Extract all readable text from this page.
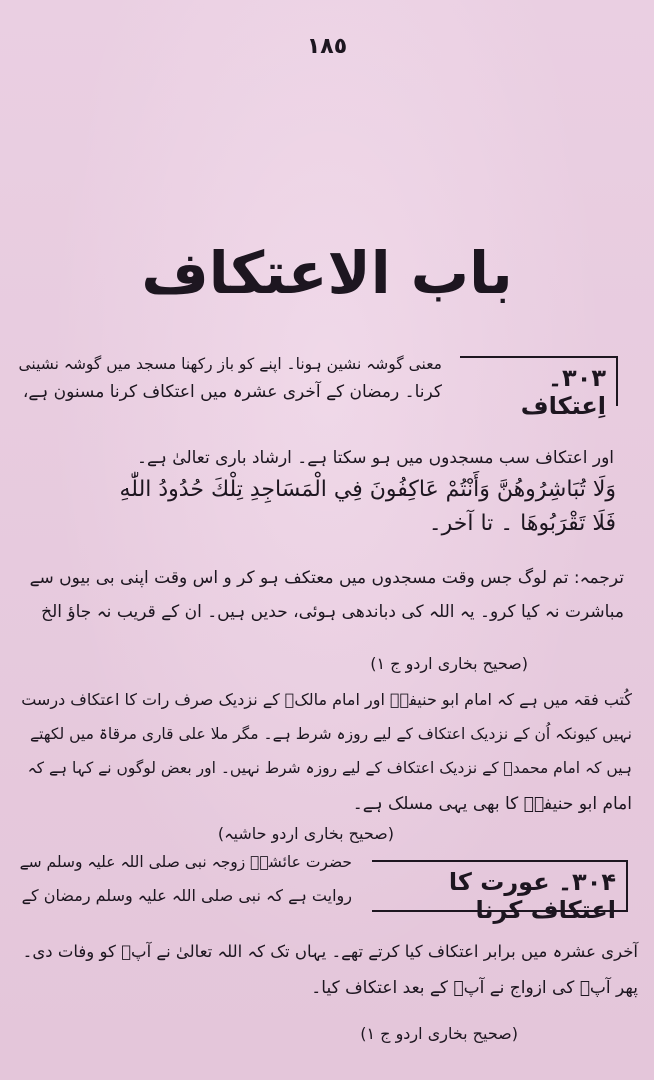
١٨٥
باب الاعتکاف
۳۰۳۔ اِعتکاف
معنی گوشہ نشین ہونا۔ اپنے کو باز رکھنا مسجد میں گوشہ نشینی
کرنا۔ رمضان کے آخری عشرہ میں اعتکاف کرنا مسنون ہے،
اور اعتکاف سب مسجدوں میں ہو سکتا ہے۔ ارشاد باری تعالیٰ ہے۔
وَلَا تُبَاشِرُوهُنَّ وَأَنْتُمْ عَاكِفُونَ فِي الْمَسَاجِدِ تِلْكَ حُدُودُ اللّٰهِ
فَلَا تَقْرَبُوهَا ۔ تا آخر۔
ترجمہ: تم لوگ جس وقت مسجدوں میں معتکف ہو کر و اس وقت اپنی بی بیوں سے
مباشرت نہ کیا کرو۔ یہ اللہ کی دباندھی ہوئی، حدیں ہیں۔ ان کے قریب نہ جاؤ الخ
(صحیح بخاری اردو ج ۱)
کُتب فقہ میں ہے کہ امام ابو حنیفہؒ اور امام مالکؒ کے نزدیک صرف رات کا اعتکاف درست
نہیں کیونکہ اُن کے نزدیک اعتکاف کے لیے روزہ شرط ہے۔ مگر ملا علی قاری مرقاۃ میں لکھتے
ہیں کہ امام محمدؒ کے نزدیک اعتکاف کے لیے روزہ شرط نہیں۔ اور بعض لوگوں نے کہا ہے کہ
امام ابو حنیفہؒ کا بھی یہی مسلک ہے۔
(صحیح بخاری اردو حاشیہ)
۳۰۴۔ عورت کا اعتکاف کرنا
حضرت عائشہؓ زوجہ نبی صلی اللہ علیہ وسلم سے
روایت ہے کہ نبی صلی اللہ علیہ وسلم رمضان کے
آخری عشرہ میں برابر اعتکاف کیا کرتے تھے۔ یہاں تک کہ اللہ تعالیٰ نے آپؐ کو وفات دی۔
پھر آپؐ کی ازواج نے آپؐ کے بعد اعتکاف کیا۔
(صحیح بخاری اردو ج ۱)
